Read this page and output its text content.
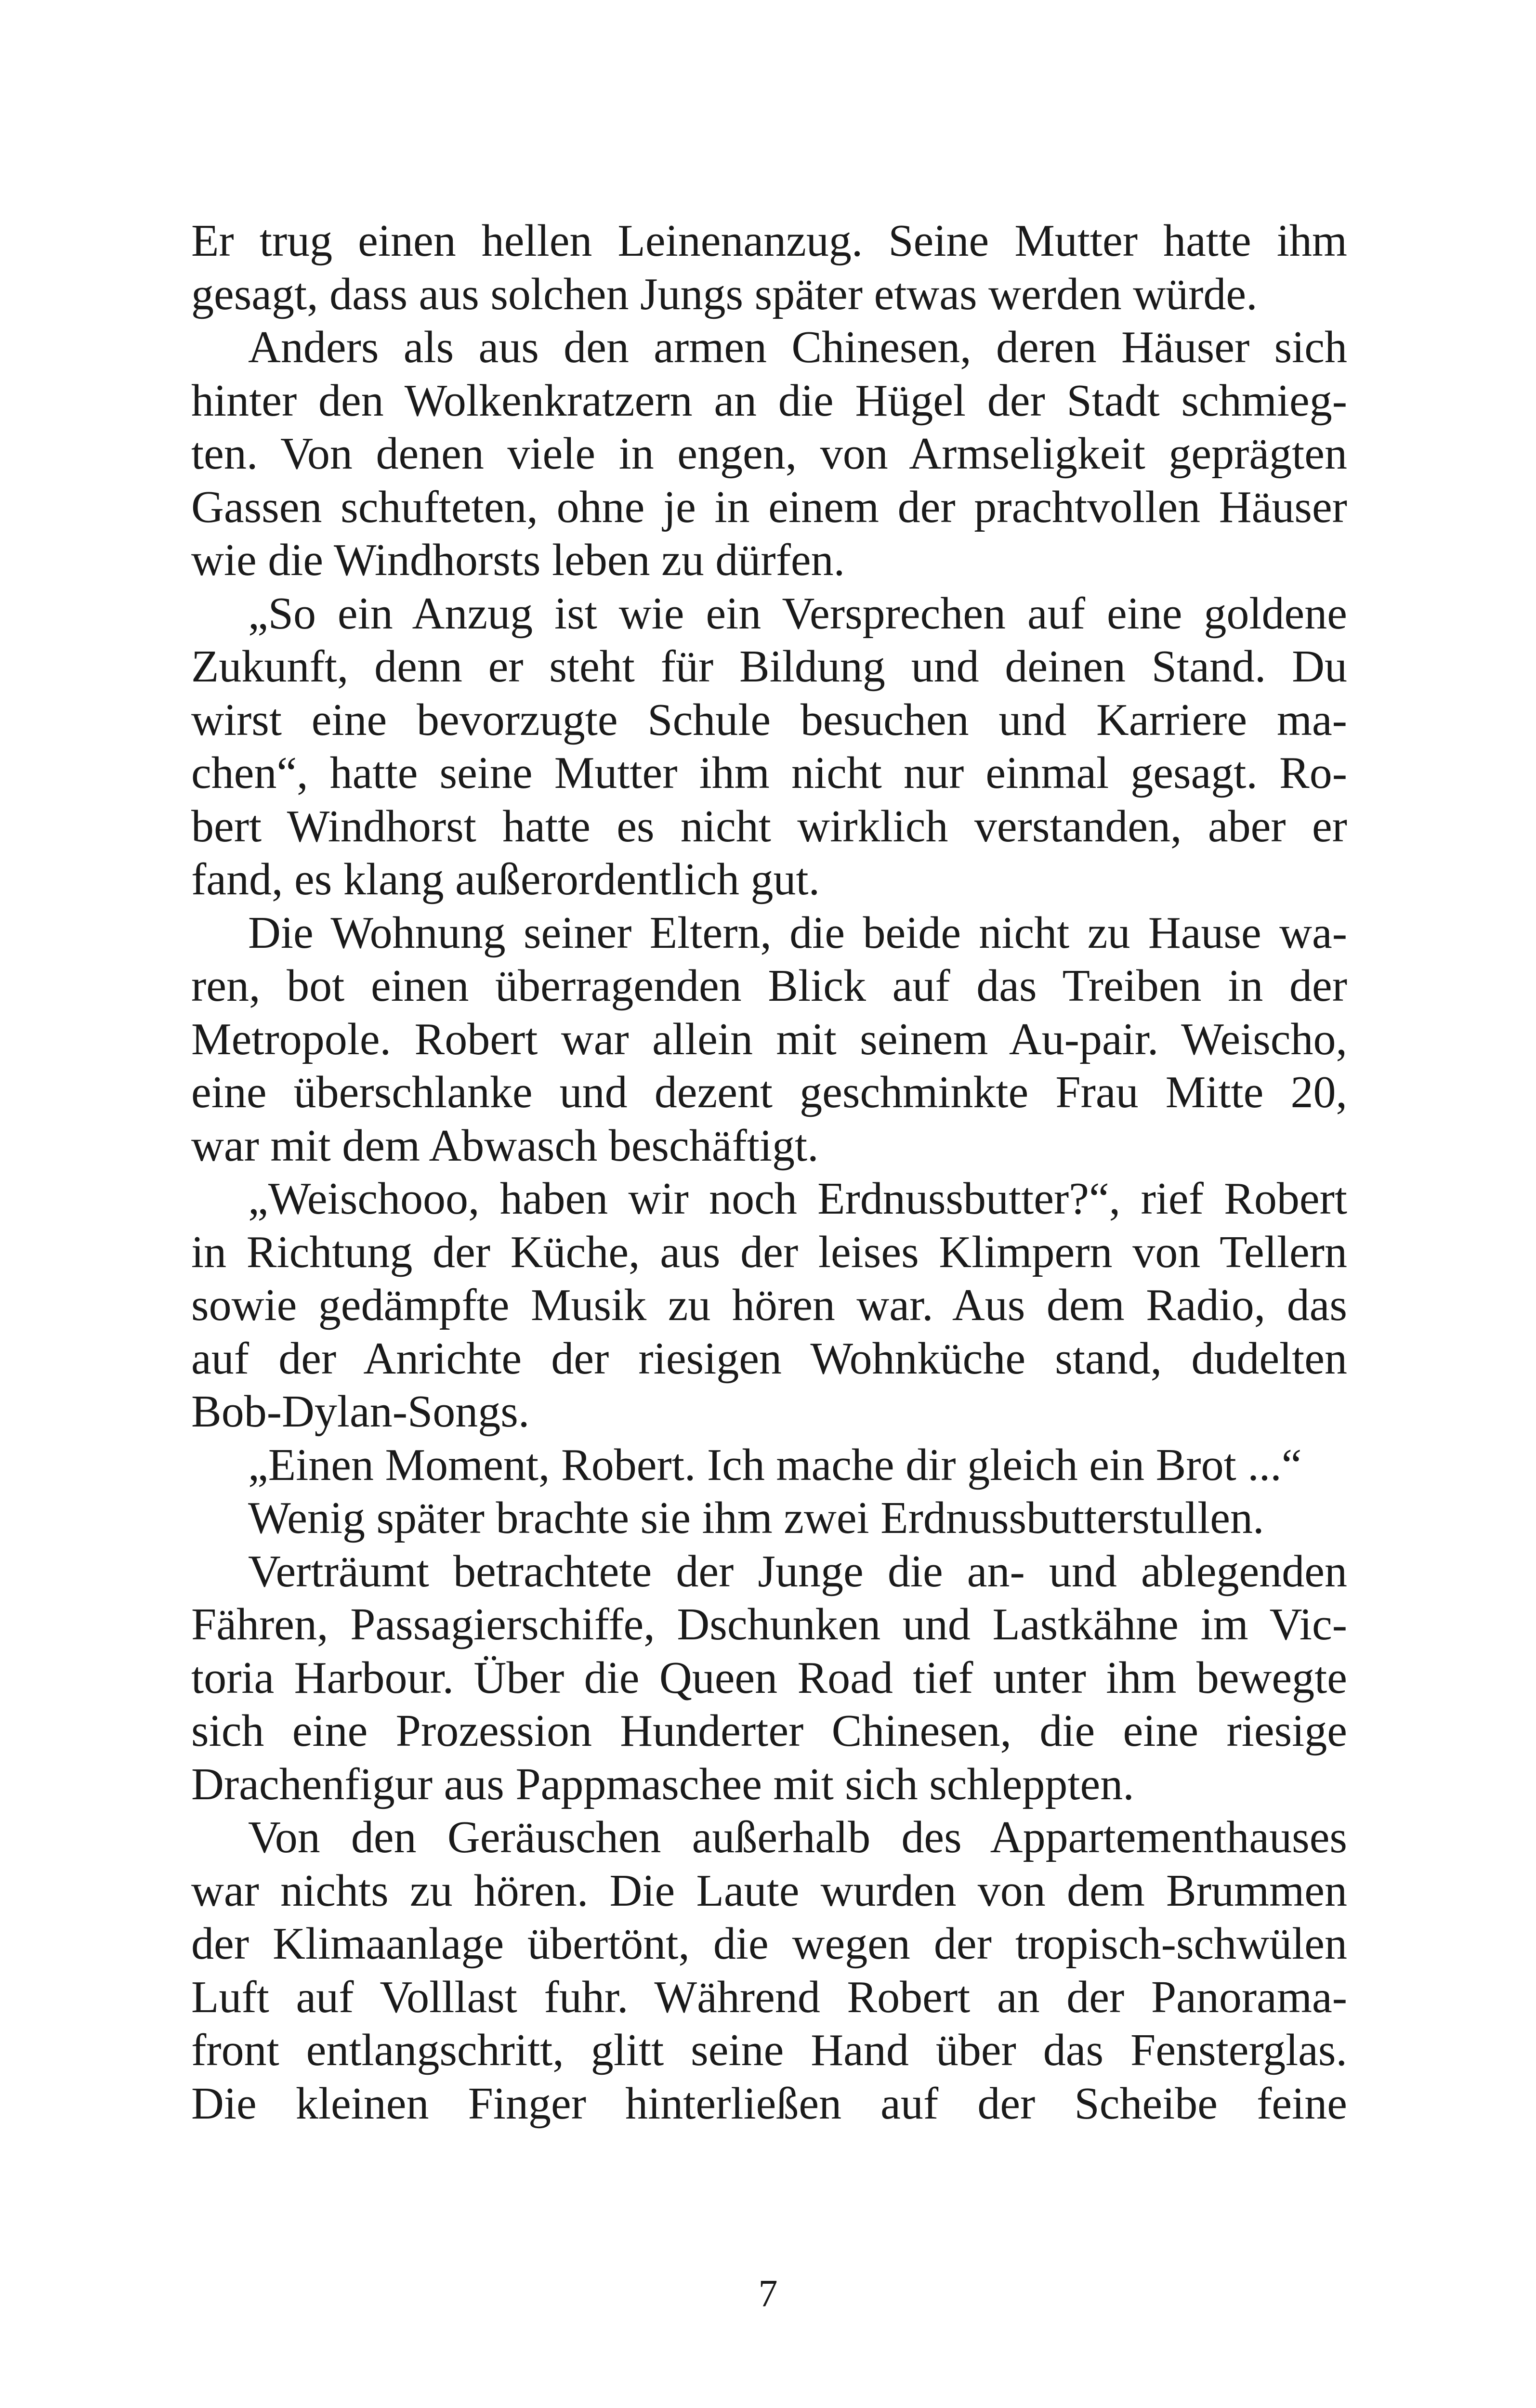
Er trug einen hellen Leinenanzug. Seine Mutter hatte ihm
gesagt, dass aus solchen Jungs später etwas werden würde.
Anders als aus den armen Chinesen, deren Häuser sich
hinter den Wolkenkratzern an die Hügel der Stadt schmieg-
ten. Von denen viele in engen, von Armseligkeit geprägten
Gassen schufteten, ohne je in einem der prachtvollen Häuser
wie die Windhorsts leben zu dürfen.
„So ein Anzug ist wie ein Versprechen auf eine goldene
Zukunft, denn er steht für Bildung und deinen Stand. Du
wirst eine bevorzugte Schule besuchen und Karriere ma-
chen“, hatte seine Mutter ihm nicht nur einmal gesagt. Ro-
bert Windhorst hatte es nicht wirklich verstanden, aber er
fand, es klang außerordentlich gut.
Die Wohnung seiner Eltern, die beide nicht zu Hause wa-
ren, bot einen überragenden Blick auf das Treiben in der
Metropole. Robert war allein mit seinem Au-pair. Weischo,
eine überschlanke und dezent geschminkte Frau Mitte 20,
war mit dem Abwasch beschäftigt.
„Weischooo, haben wir noch Erdnussbutter?“, rief Robert
in Richtung der Küche, aus der leises Klimpern von Tellern
sowie gedämpfte Musik zu hören war. Aus dem Radio, das
auf der Anrichte der riesigen Wohnküche stand, dudelten
Bob-Dylan-Songs.
„Einen Moment, Robert. Ich mache dir gleich ein Brot ...“
Wenig später brachte sie ihm zwei Erdnussbutterstullen.
Verträumt betrachtete der Junge die an- und ablegenden
Fähren, Passagierschiffe, Dschunken und Lastkähne im Vic-
toria Harbour. Über die Queen Road tief unter ihm bewegte
sich eine Prozession Hunderter Chinesen, die eine riesige
Drachenfigur aus Pappmaschee mit sich schleppten.
Von den Geräuschen außerhalb des Appartementhauses
war nichts zu hören. Die Laute wurden von dem Brummen
der Klimaanlage übertönt, die wegen der tropisch-schwülen
Luft auf Volllast fuhr. Während Robert an der Panorama-
front entlangschritt, glitt seine Hand über das Fensterglas.
Die kleinen Finger hinterließen auf der Scheibe feine
7
